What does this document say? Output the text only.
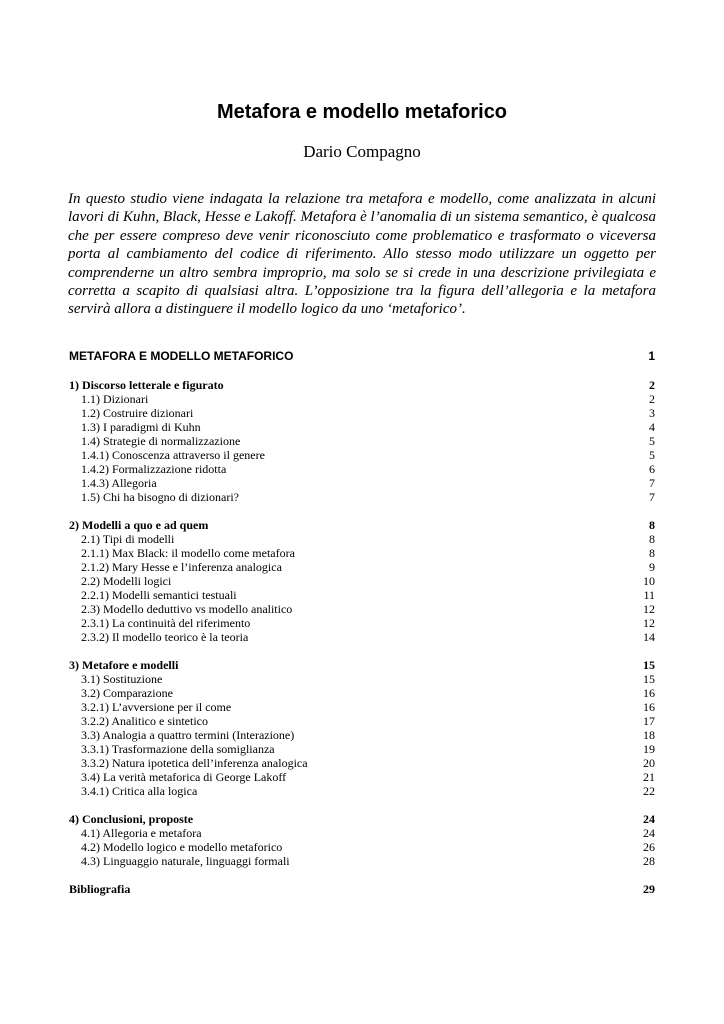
Metafora e modello metaforico

Dario Compagno

In questo studio viene indagata la relazione tra metafora e modello, come analizzata in alcuni lavori di Kuhn, Black, Hesse e Lakoff. Metafora è l’anomalia di un sistema semantico, è qualcosa che per essere compreso deve venir riconosciuto come problematico e trasformato o viceversa porta al cambiamento del codice di riferimento. Allo stesso modo utilizzare un oggetto per comprenderne un altro sembra improprio, ma solo se si crede in una descrizione privilegiata e corretta a scapito di qualsiasi altra. L’opposizione tra la figura dell’allegoria e la metafora servirà allora a distinguere il modello logico da uno ‘metaforico’.

METAFORA E MODELLO METAFORICO	1
1) Discorso letterale e figurato	2
1.1) Dizionari	2
1.2) Costruire dizionari	3
1.3) I paradigmi di Kuhn	4
1.4) Strategie di normalizzazione	5
1.4.1) Conoscenza attraverso il genere	5
1.4.2) Formalizzazione ridotta	6
1.4.3) Allegoria	7
1.5) Chi ha bisogno di dizionari?	7
2) Modelli a quo e ad quem	8
2.1) Tipi di modelli	8
2.1.1) Max Black: il modello come metafora	8
2.1.2) Mary Hesse e l’inferenza analogica	9
2.2) Modelli logici	10
2.2.1) Modelli semantici testuali	11
2.3) Modello deduttivo vs modello analitico	12
2.3.1) La continuità del riferimento	12
2.3.2) Il modello teorico è la teoria	14
3) Metafore e modelli	15
3.1) Sostituzione	15
3.2) Comparazione	16
3.2.1) L’avversione per il come	16
3.2.2) Analitico e sintetico	17
3.3) Analogia a quattro termini (Interazione)	18
3.3.1) Trasformazione della somiglianza	19
3.3.2) Natura ipotetica dell’inferenza analogica	20
3.4) La verità metaforica di George Lakoff	21
3.4.1) Critica alla logica	22
4) Conclusioni, proposte	24
4.1) Allegoria e metafora	24
4.2) Modello logico e modello metaforico	26
4.3) Linguaggio naturale, linguaggi formali	28
Bibliografia	29
